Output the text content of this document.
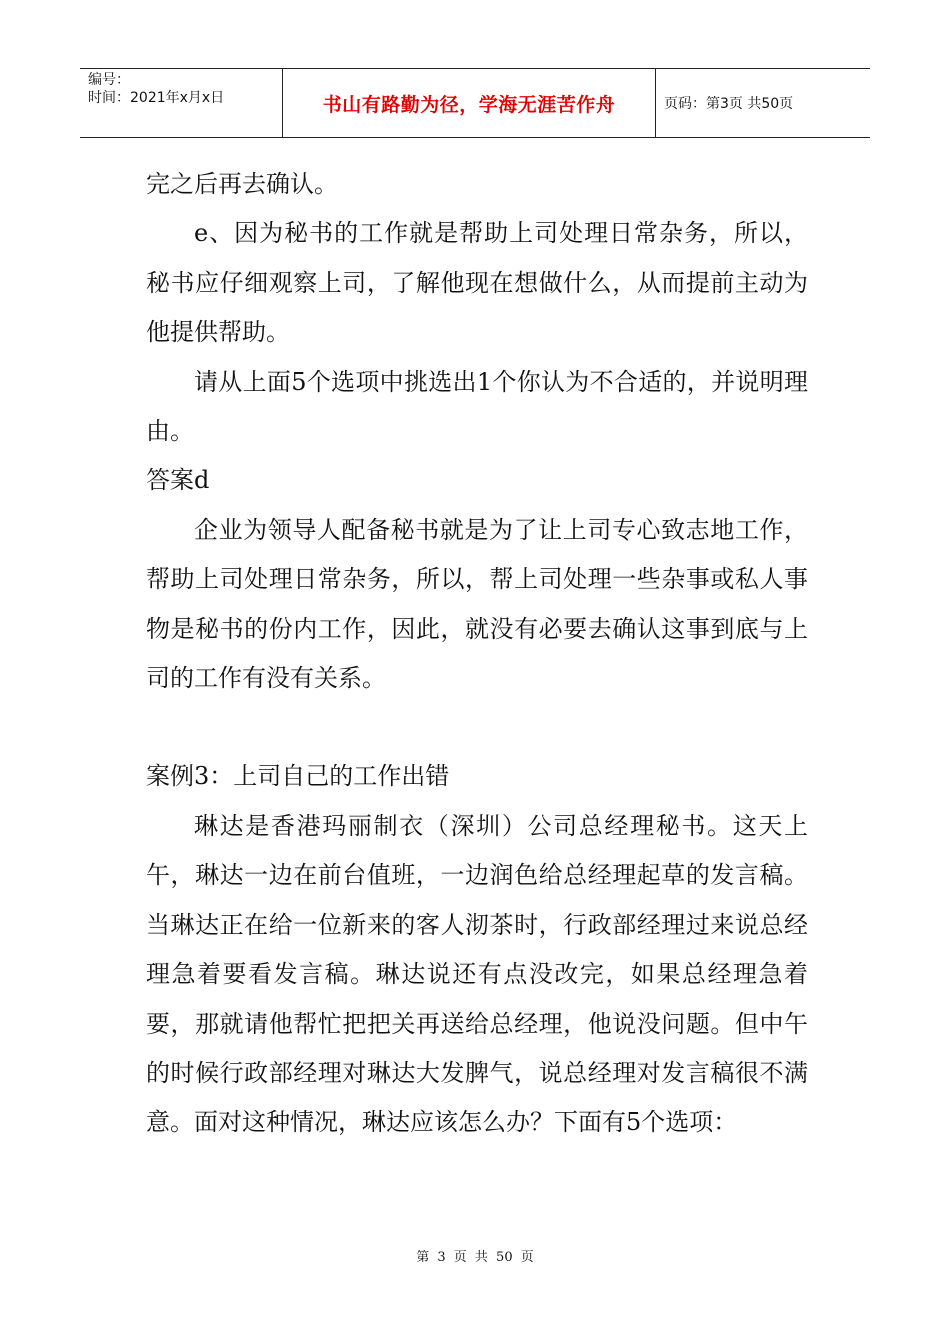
编号：
时间：2021年x月x日	书山有路勤为径，学海无涯苦作舟	页码：第3页 共50页

完之后再去确认。

e、因为秘书的工作就是帮助上司处理日常杂务，所以，秘书应仔细观察上司，了解他现在想做什么，从而提前主动为他提供帮助。

请从上面5个选项中挑选出1个你认为不合适的，并说明理由。

答案d

企业为领导人配备秘书就是为了让上司专心致志地工作，帮助上司处理日常杂务，所以，帮上司处理一些杂事或私人事物是秘书的份内工作，因此，就没有必要去确认这事到底与上司的工作有没有关系。

案例3：上司自己的工作出错

琳达是香港玛丽制衣（深圳）公司总经理秘书。这天上午，琳达一边在前台值班，一边润色给总经理起草的发言稿。当琳达正在给一位新来的客人沏茶时，行政部经理过来说总经理急着要看发言稿。琳达说还有点没改完，如果总经理急着要，那就请他帮忙把把关再送给总经理，他说没问题。但中午的时候行政部经理对琳达大发脾气，说总经理对发言稿很不满意。面对这种情况，琳达应该怎么办？下面有5个选项：

第 3 页 共 50 页
